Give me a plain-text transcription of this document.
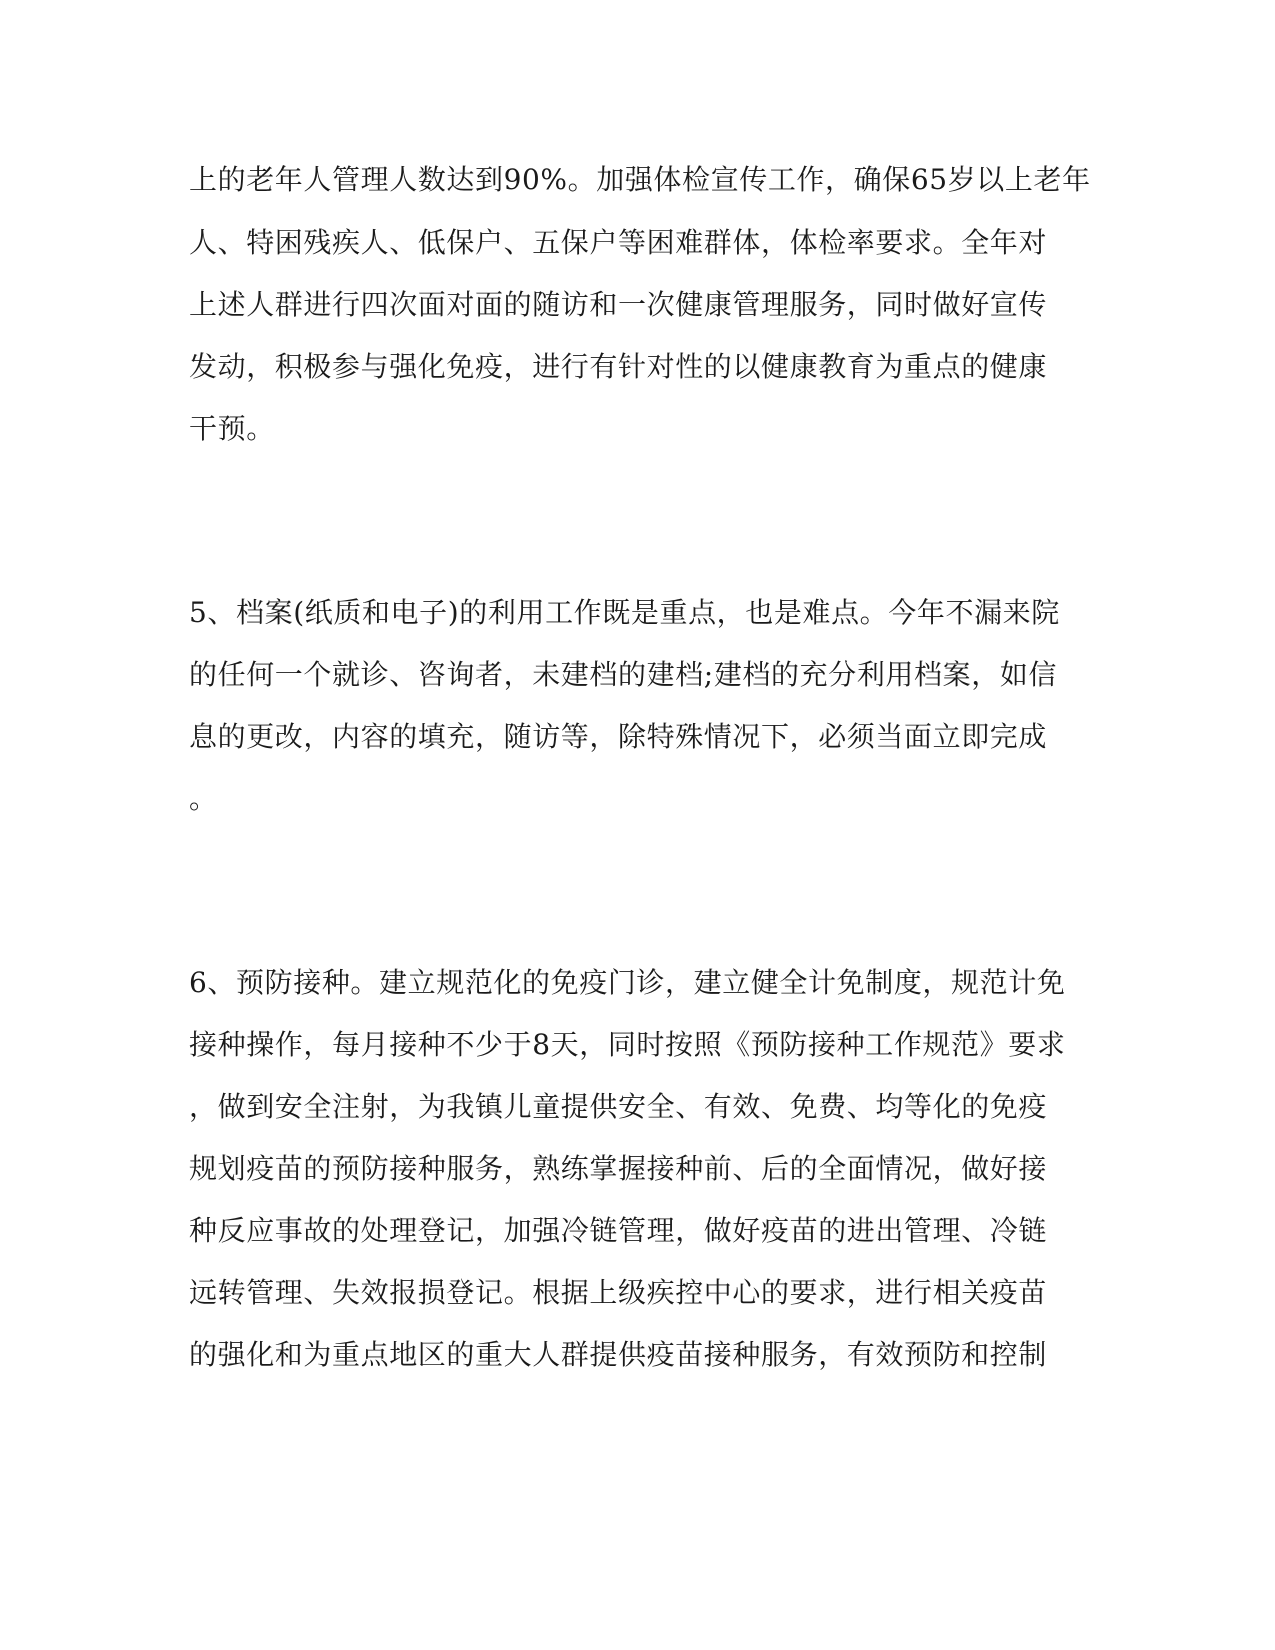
上的老年人管理人数达到90%。加强体检宣传工作，确保65岁以上老年
人、特困残疾人、低保户、五保户等困难群体，体检率要求。全年对
上述人群进行四次面对面的随访和一次健康管理服务，同时做好宣传
发动，积极参与强化免疫，进行有针对性的以健康教育为重点的健康
干预。
5、档案(纸质和电子)的利用工作既是重点，也是难点。今年不漏来院
的任何一个就诊、咨询者，未建档的建档;建档的充分利用档案，如信
息的更改，内容的填充，随访等，除特殊情况下，必须当面立即完成
。
6、预防接种。建立规范化的免疫门诊，建立健全计免制度，规范计免
接种操作，每月接种不少于8天，同时按照《预防接种工作规范》要求
，做到安全注射，为我镇儿童提供安全、有效、免费、均等化的免疫
规划疫苗的预防接种服务，熟练掌握接种前、后的全面情况，做好接
种反应事故的处理登记，加强冷链管理，做好疫苗的进出管理、冷链
远转管理、失效报损登记。根据上级疾控中心的要求，进行相关疫苗
的强化和为重点地区的重大人群提供疫苗接种服务，有效预防和控制
